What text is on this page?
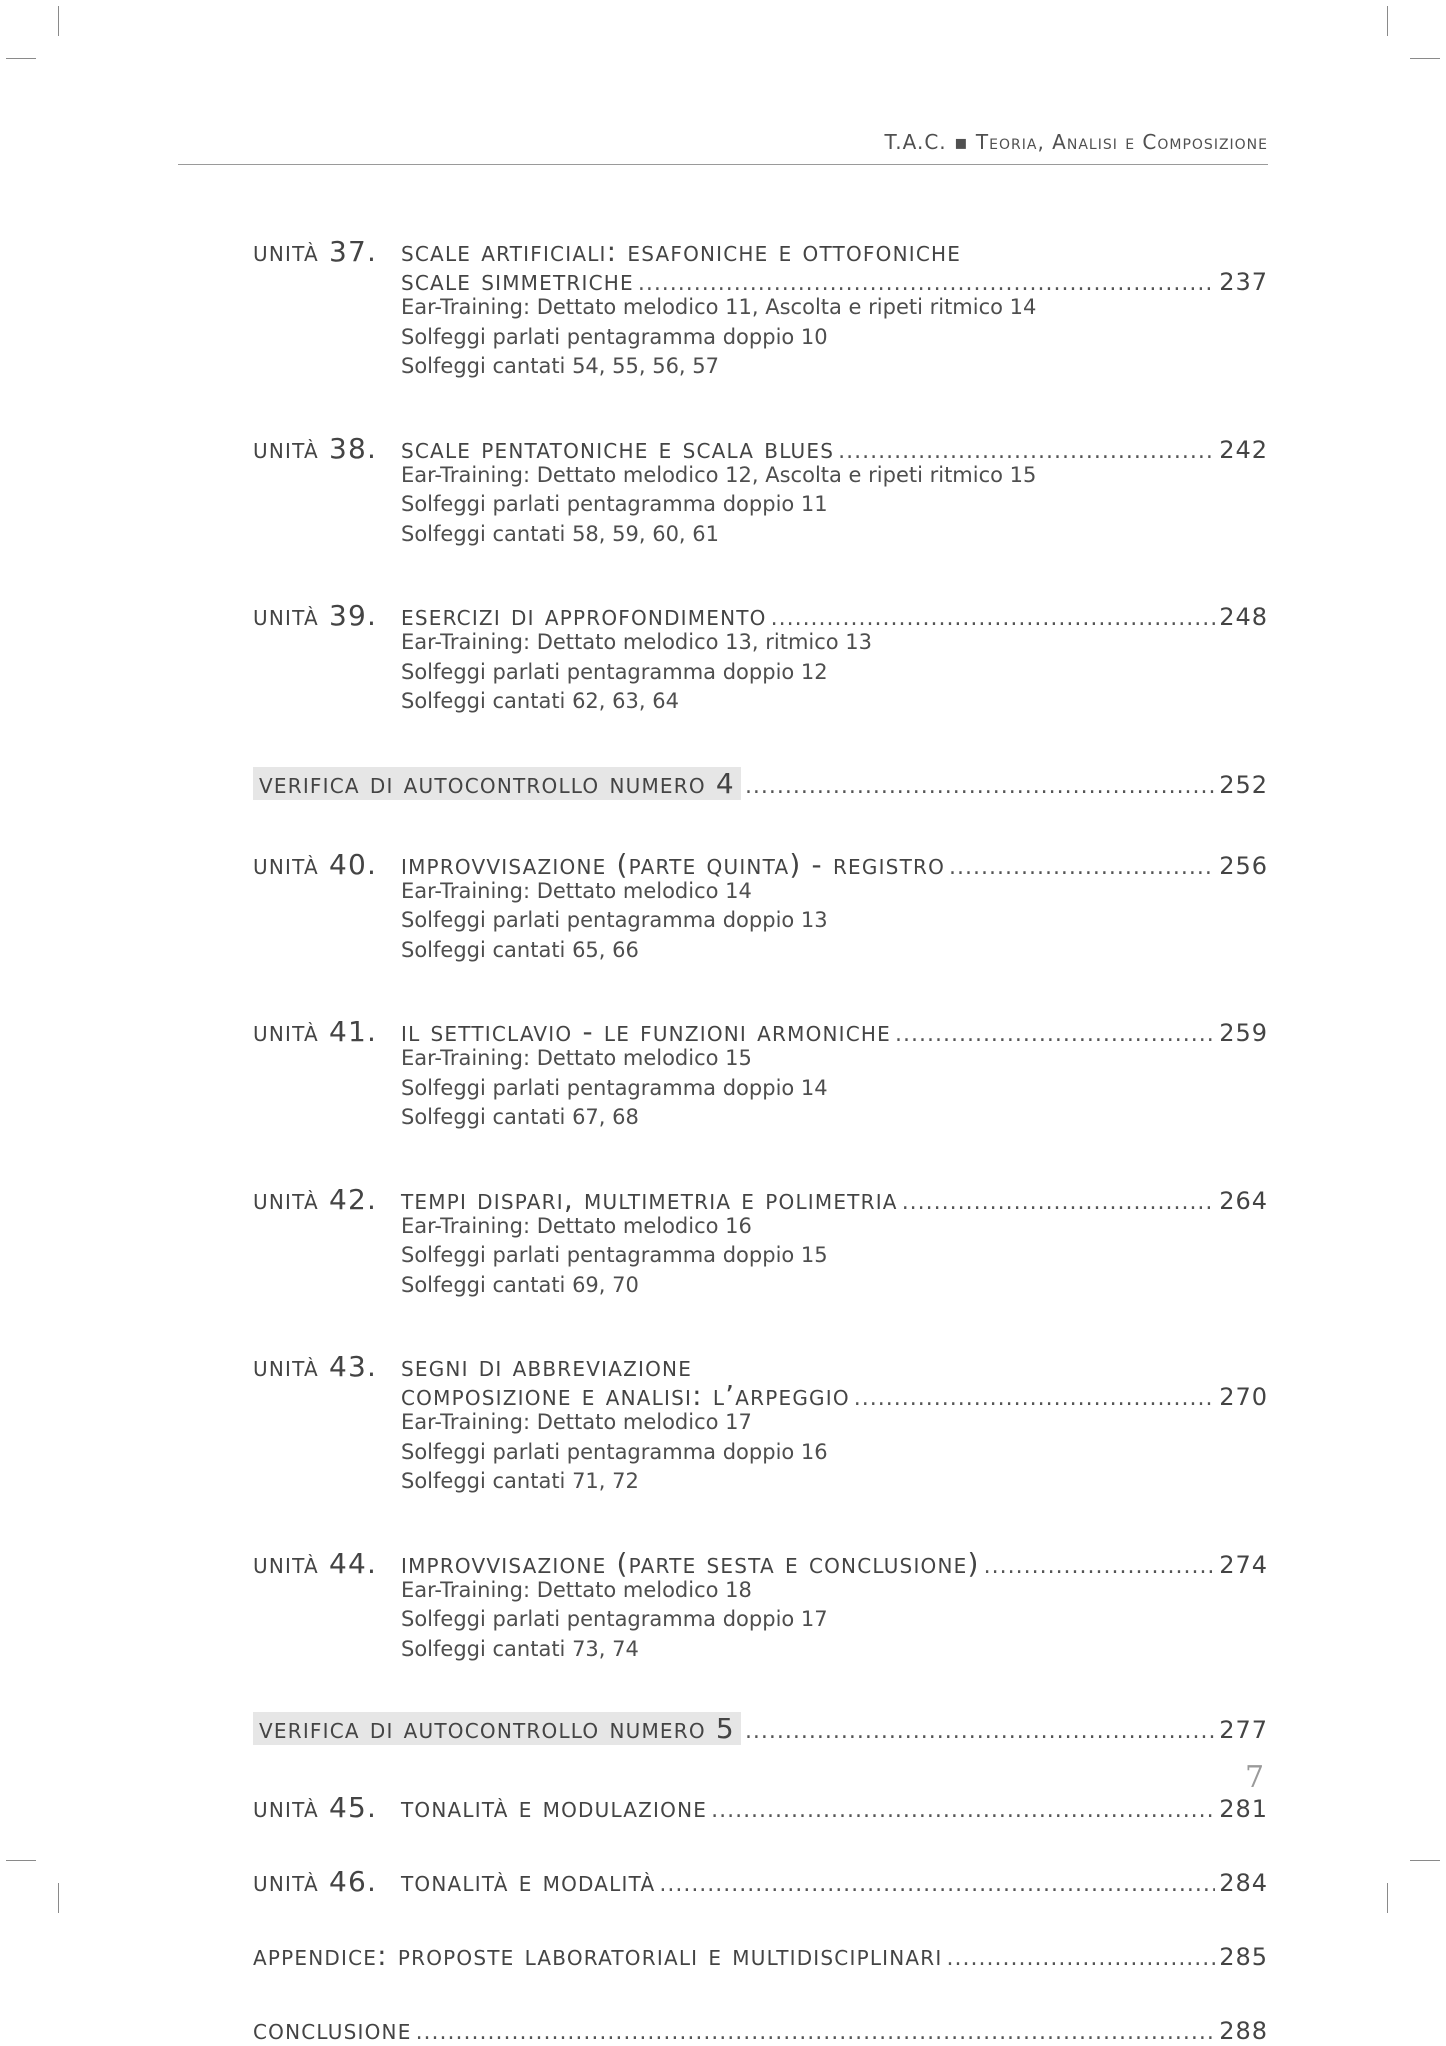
T.A.C. ▪ Teoria, Analisi e Composizione
unità 37. scale artificiali: esafoniche e ottofoniche
scale simmetriche .....	237
Ear-Training: Dettato melodico 11, Ascolta e ripeti ritmico 14
Solfeggi parlati pentagramma doppio 10
Solfeggi cantati 54, 55, 56, 57
unità 38. scale pentatoniche e scala blues .....	242
Ear-Training: Dettato melodico 12, Ascolta e ripeti ritmico 15
Solfeggi parlati pentagramma doppio 11
Solfeggi cantati 58, 59, 60, 61
unità 39. esercizi di approfondimento .....	248
Ear-Training: Dettato melodico 13, ritmico 13
Solfeggi parlati pentagramma doppio 12
Solfeggi cantati 62, 63, 64
verifica di autocontrollo numero 4 .....	252
unità 40. improvvisazione (parte quinta) - registro .....	256
Ear-Training: Dettato melodico 14
Solfeggi parlati pentagramma doppio 13
Solfeggi cantati 65, 66
unità 41. il setticlavio - le funzioni armoniche .....	259
Ear-Training: Dettato melodico 15
Solfeggi parlati pentagramma doppio 14
Solfeggi cantati 67, 68
unità 42. tempi dispari, multimetria e polimetria .....	264
Ear-Training: Dettato melodico 16
Solfeggi parlati pentagramma doppio 15
Solfeggi cantati 69, 70
unità 43. segni di abbreviazione
composizione e analisi: l’arpeggio .....	270
Ear-Training: Dettato melodico 17
Solfeggi parlati pentagramma doppio 16
Solfeggi cantati 71, 72
unità 44. improvvisazione (parte sesta e conclusione) .....	274
Ear-Training: Dettato melodico 18
Solfeggi parlati pentagramma doppio 17
Solfeggi cantati 73, 74
verifica di autocontrollo numero 5 .....	277
unità 45. tonalità e modulazione .....	281
unità 46. tonalità e modalità .....	284
appendice: proposte laboratoriali e multidisciplinari .....	285
conclusione .....	288
7
